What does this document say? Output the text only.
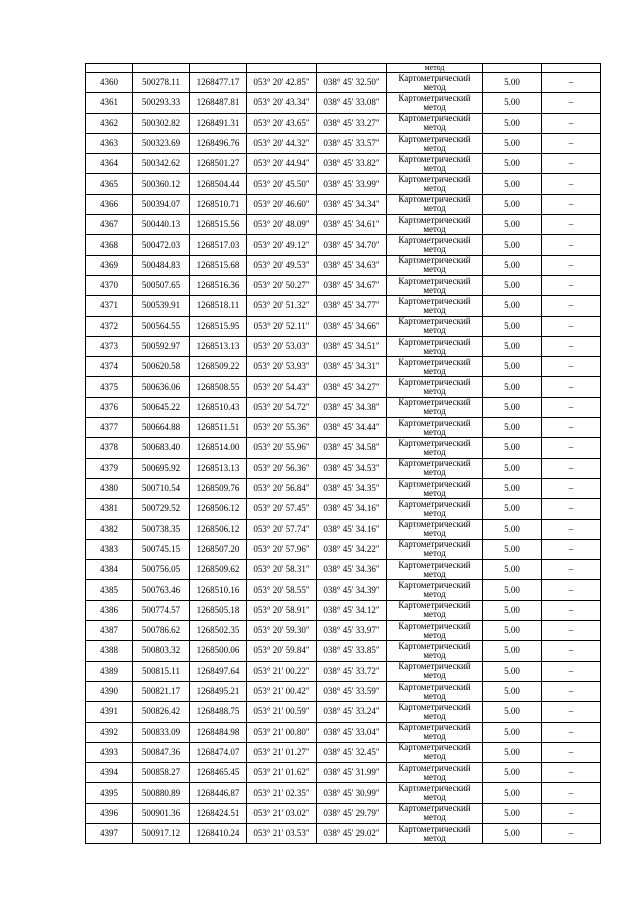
					метод		
4360	500278.11	1268477.17	053° 20' 42.85"	038° 45' 32.50"	Картометрический
метод	5.00	–
4361	500293.33	1268487.81	053° 20' 43.34"	038° 45' 33.08"	Картометрический
метод	5.00	–
4362	500302.82	1268491.31	053° 20' 43.65"	038° 45' 33.27"	Картометрический
метод	5.00	–
4363	500323.69	1268496.76	053° 20' 44.32"	038° 45' 33.57"	Картометрический
метод	5.00	–
4364	500342.62	1268501.27	053° 20' 44.94"	038° 45' 33.82"	Картометрический
метод	5.00	–
4365	500360.12	1268504.44	053° 20' 45.50"	038° 45' 33.99"	Картометрический
метод	5.00	–
4366	500394.07	1268510.71	053° 20' 46.60"	038° 45' 34.34"	Картометрический
метод	5.00	–
4367	500440.13	1268515.56	053° 20' 48.09"	038° 45' 34.61"	Картометрический
метод	5.00	–
4368	500472.03	1268517.03	053° 20' 49.12"	038° 45' 34.70"	Картометрический
метод	5.00	–
4369	500484.83	1268515.68	053° 20' 49.53"	038° 45' 34.63"	Картометрический
метод	5.00	–
4370	500507.65	1268516.36	053° 20' 50.27"	038° 45' 34.67"	Картометрический
метод	5.00	–
4371	500539.91	1268518.11	053° 20' 51.32"	038° 45' 34.77"	Картометрический
метод	5.00	–
4372	500564.55	1268515.95	053° 20' 52.11"	038° 45' 34.66"	Картометрический
метод	5.00	–
4373	500592.97	1268513.13	053° 20' 53.03"	038° 45' 34.51"	Картометрический
метод	5.00	–
4374	500620.58	1268509.22	053° 20' 53.93"	038° 45' 34.31"	Картометрический
метод	5.00	–
4375	500636.06	1268508.55	053° 20' 54.43"	038° 45' 34.27"	Картометрический
метод	5.00	–
4376	500645.22	1268510.43	053° 20' 54.72"	038° 45' 34.38"	Картометрический
метод	5.00	–
4377	500664.88	1268511.51	053° 20' 55.36"	038° 45' 34.44"	Картометрический
метод	5.00	–
4378	500683.40	1268514.00	053° 20' 55.96"	038° 45' 34.58"	Картометрический
метод	5.00	–
4379	500695.92	1268513.13	053° 20' 56.36"	038° 45' 34.53"	Картометрический
метод	5.00	–
4380	500710.54	1268509.76	053° 20' 56.84"	038° 45' 34.35"	Картометрический
метод	5.00	–
4381	500729.52	1268506.12	053° 20' 57.45"	038° 45' 34.16"	Картометрический
метод	5.00	–
4382	500738.35	1268506.12	053° 20' 57.74"	038° 45' 34.16"	Картометрический
метод	5.00	–
4383	500745.15	1268507.20	053° 20' 57.96"	038° 45' 34.22"	Картометрический
метод	5.00	–
4384	500756.05	1268509.62	053° 20' 58.31"	038° 45' 34.36"	Картометрический
метод	5.00	–
4385	500763.46	1268510.16	053° 20' 58.55"	038° 45' 34.39"	Картометрический
метод	5.00	–
4386	500774.57	1268505.18	053° 20' 58.91"	038° 45' 34.12"	Картометрический
метод	5.00	–
4387	500786.62	1268502.35	053° 20' 59.30"	038° 45' 33.97"	Картометрический
метод	5.00	–
4388	500803.32	1268500.06	053° 20' 59.84"	038° 45' 33.85"	Картометрический
метод	5.00	–
4389	500815.11	1268497.64	053° 21' 00.22"	038° 45' 33.72"	Картометрический
метод	5.00	–
4390	500821.17	1268495.21	053° 21' 00.42"	038° 45' 33.59"	Картометрический
метод	5.00	–
4391	500826.42	1268488.75	053° 21' 00.59"	038° 45' 33.24"	Картометрический
метод	5.00	–
4392	500833.09	1268484.98	053° 21' 00.80"	038° 45' 33.04"	Картометрический
метод	5.00	–
4393	500847.36	1268474.07	053° 21' 01.27"	038° 45' 32.45"	Картометрический
метод	5.00	–
4394	500858.27	1268465.45	053° 21' 01.62"	038° 45' 31.99"	Картометрический
метод	5.00	–
4395	500880.89	1268446.87	053° 21' 02.35"	038° 45' 30.99"	Картометрический
метод	5.00	–
4396	500901.36	1268424.51	053° 21' 03.02"	038° 45' 29.79"	Картометрический
метод	5.00	–
4397	500917.12	1268410.24	053° 21' 03.53"	038° 45' 29.02"	Картометрический
метод	5.00	–
